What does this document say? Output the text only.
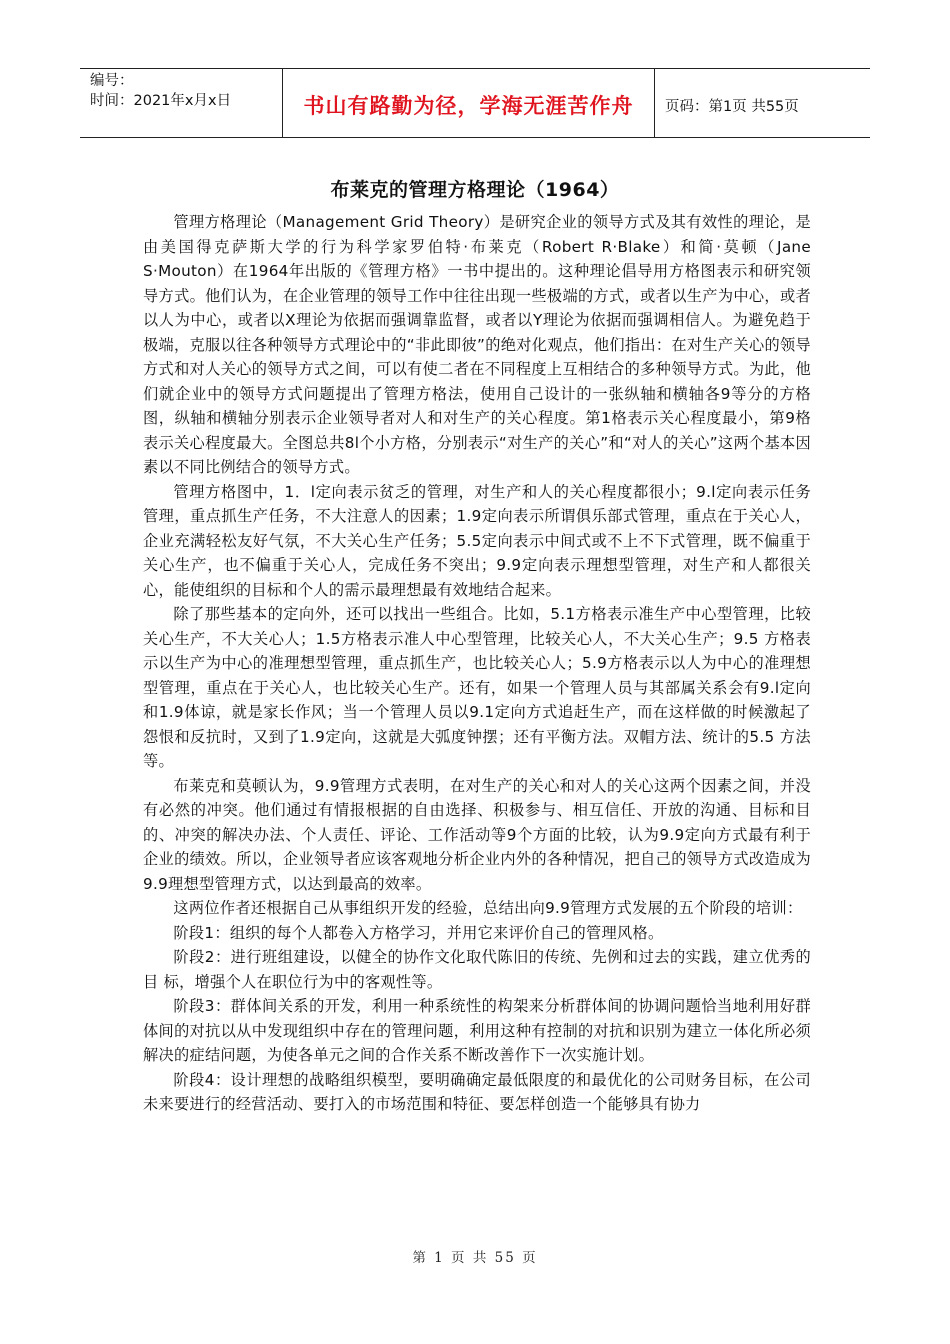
编号：
时间：2021年x月x日	书山有路勤为径，学海无涯苦作舟	页码：第1页 共55页
布莱克的管理方格理论（1964）

管理方格理论（Management Grid Theory）是研究企业的领导方式及其有效性的理论，是由美国得克萨斯大学的行为科学家罗伯特·布莱克（Robert R·Blake）和简·莫顿（Jane S·Mouton）在1964年出版的《管理方格》一书中提出的。这种理论倡导用方格图表示和研究领导方式。他们认为，在企业管理的领导工作中往往出现一些极端的方式，或者以生产为中心，或者以人为中心，或者以X理论为依据而强调靠监督，或者以Y理论为依据而强调相信人。为避免趋于极端，克服以往各种领导方式理论中的“非此即彼”的绝对化观点，他们指出：在对生产关心的领导方式和对人关心的领导方式之间，可以有使二者在不同程度上互相结合的多种领导方式。为此，他们就企业中的领导方式问题提出了管理方格法，使用自己设计的一张纵轴和横轴各9等分的方格图，纵轴和横轴分别表示企业领导者对人和对生产的关心程度。第1格表示关心程度最小，第9格表示关心程度最大。全图总共8l个小方格，分别表示“对生产的关心”和“对人的关心”这两个基本因素以不同比例结合的领导方式。

管理方格图中，1．l定向表示贫乏的管理，对生产和人的关心程度都很小；9.l定向表示任务管理，重点抓生产任务，不大注意人的因素；1.9定向表示所谓俱乐部式管理，重点在于关心人，企业充满轻松友好气氛，不大关心生产任务；5.5定向表示中间式或不上不下式管理，既不偏重于关心生产，也不偏重于关心人，完成任务不突出；9.9定向表示理想型管理，对生产和人都很关心，能使组织的目标和个人的需示最理想最有效地结合起来。

除了那些基本的定向外，还可以找出一些组合。比如，5.1方格表示准生产中心型管理，比较关心生产，不大关心人；1.5方格表示准人中心型管理，比较关心人，不大关心生产；9.5 方格表示以生产为中心的准理想型管理，重点抓生产，也比较关心人；5.9方格表示以人为中心的准理想型管理，重点在于关心人，也比较关心生产。还有，如果一个管理人员与其部属关系会有9.l定向和1.9体谅，就是家长作风；当一个管理人员以9.1定向方式追赶生产，而在这样做的时候激起了怨恨和反抗时，又到了1.9定向，这就是大弧度钟摆；还有平衡方法。双帽方法、统计的5.5 方法等。

布莱克和莫顿认为，9.9管理方式表明，在对生产的关心和对人的关心这两个因素之间，并没有必然的冲突。他们通过有情报根据的自由选择、积极参与、相互信任、开放的沟通、目标和目的、冲突的解决办法、个人责任、评论、工作活动等9个方面的比较，认为9.9定向方式最有利于企业的绩效。所以，企业领导者应该客观地分析企业内外的各种情况，把自己的领导方式改造成为9.9理想型管理方式，以达到最高的效率。

这两位作者还根据自己从事组织开发的经验，总结出向9.9管理方式发展的五个阶段的培训：

阶段1：组织的每个人都卷入方格学习，并用它来评价自己的管理风格。

阶段2：进行班组建设，以健全的协作文化取代陈旧的传统、先例和过去的实践，建立优秀的目 标，增强个人在职位行为中的客观性等。

阶段3：群体间关系的开发，利用一种系统性的构架来分析群体间的协调问题恰当地利用好群体间的对抗以从中发现组织中存在的管理问题，利用这种有控制的对抗和识别为建立一体化所必须解决的症结问题，为使各单元之间的合作关系不断改善作下一次实施计划。

阶段4：设计理想的战略组织模型，要明确确定最低限度的和最优化的公司财务目标，在公司未来要进行的经营活动、要打入的市场范围和特征、要怎样创造一个能够具有协力

第 1 页 共 55 页
